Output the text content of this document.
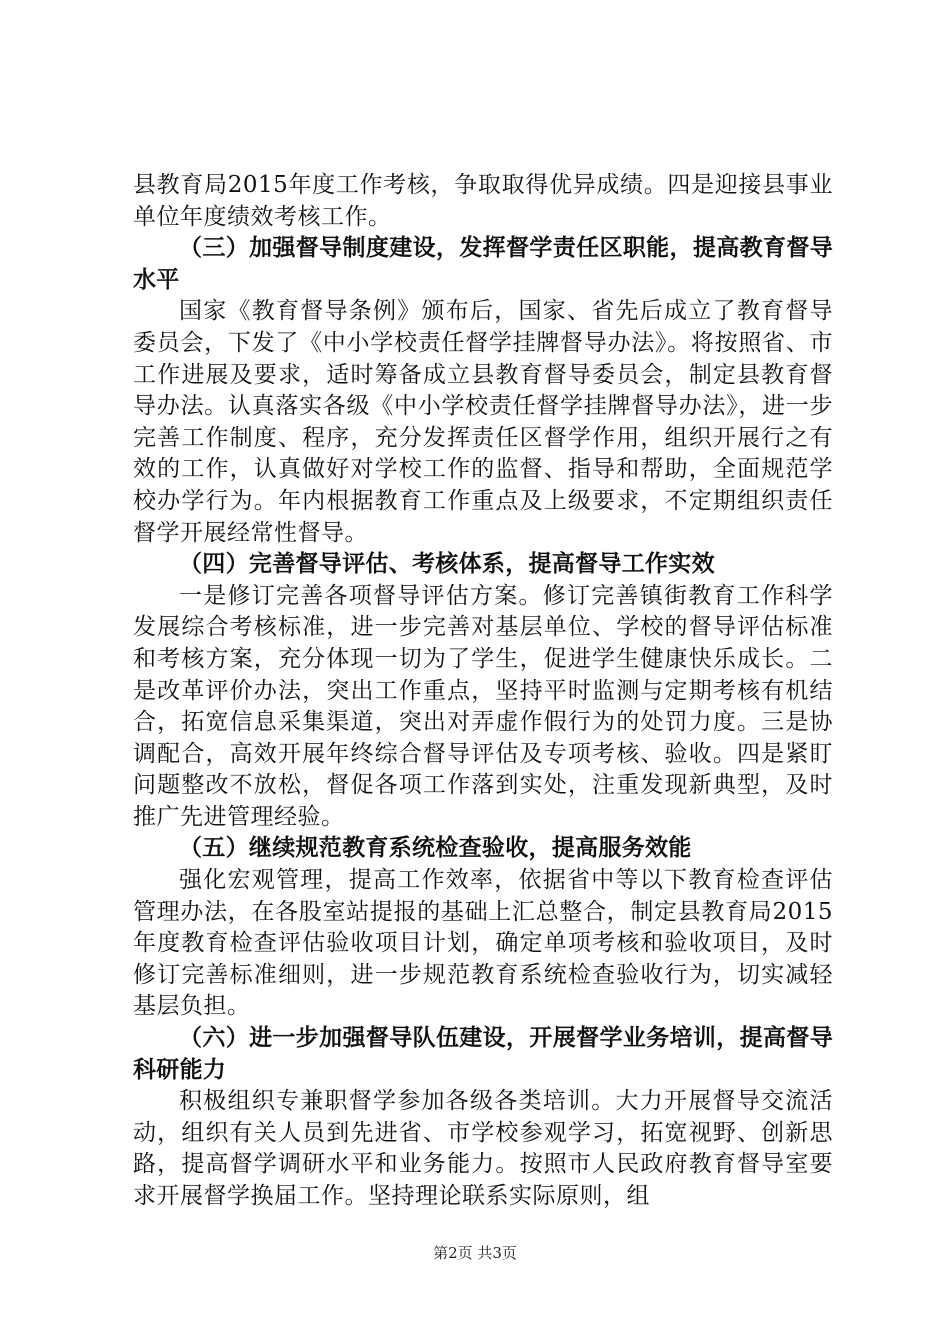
县教育局2015年度工作考核，争取取得优异成绩。四是迎接县事业单位年度绩效考核工作。

（三）加强督导制度建设，发挥督学责任区职能，提高教育督导水平

国家《教育督导条例》颁布后，国家、省先后成立了教育督导委员会，下发了《中小学校责任督学挂牌督导办法》。将按照省、市工作进展及要求，适时筹备成立县教育督导委员会，制定县教育督导办法。认真落实各级《中小学校责任督学挂牌督导办法》，进一步完善工作制度、程序，充分发挥责任区督学作用，组织开展行之有效的工作，认真做好对学校工作的监督、指导和帮助，全面规范学校办学行为。年内根据教育工作重点及上级要求，不定期组织责任督学开展经常性督导。

（四）完善督导评估、考核体系，提高督导工作实效

一是修订完善各项督导评估方案。修订完善镇街教育工作科学发展综合考核标准，进一步完善对基层单位、学校的督导评估标准和考核方案，充分体现一切为了学生，促进学生健康快乐成长。二是改革评价办法，突出工作重点，坚持平时监测与定期考核有机结合，拓宽信息采集渠道，突出对弄虚作假行为的处罚力度。三是协调配合，高效开展年终综合督导评估及专项考核、验收。四是紧盯问题整改不放松，督促各项工作落到实处，注重发现新典型，及时推广先进管理经验。

（五）继续规范教育系统检查验收，提高服务效能

强化宏观管理，提高工作效率，依据省中等以下教育检查评估管理办法，在各股室站提报的基础上汇总整合，制定县教育局2015年度教育检查评估验收项目计划，确定单项考核和验收项目，及时修订完善标准细则，进一步规范教育系统检查验收行为，切实减轻基层负担。

（六）进一步加强督导队伍建设，开展督学业务培训，提高督导科研能力

积极组织专兼职督学参加各级各类培训。大力开展督导交流活动，组织有关人员到先进省、市学校参观学习，拓宽视野、创新思路，提高督学调研水平和业务能力。按照市人民政府教育督导室要求开展督学换届工作。坚持理论联系实际原则，组

第2页 共3页
